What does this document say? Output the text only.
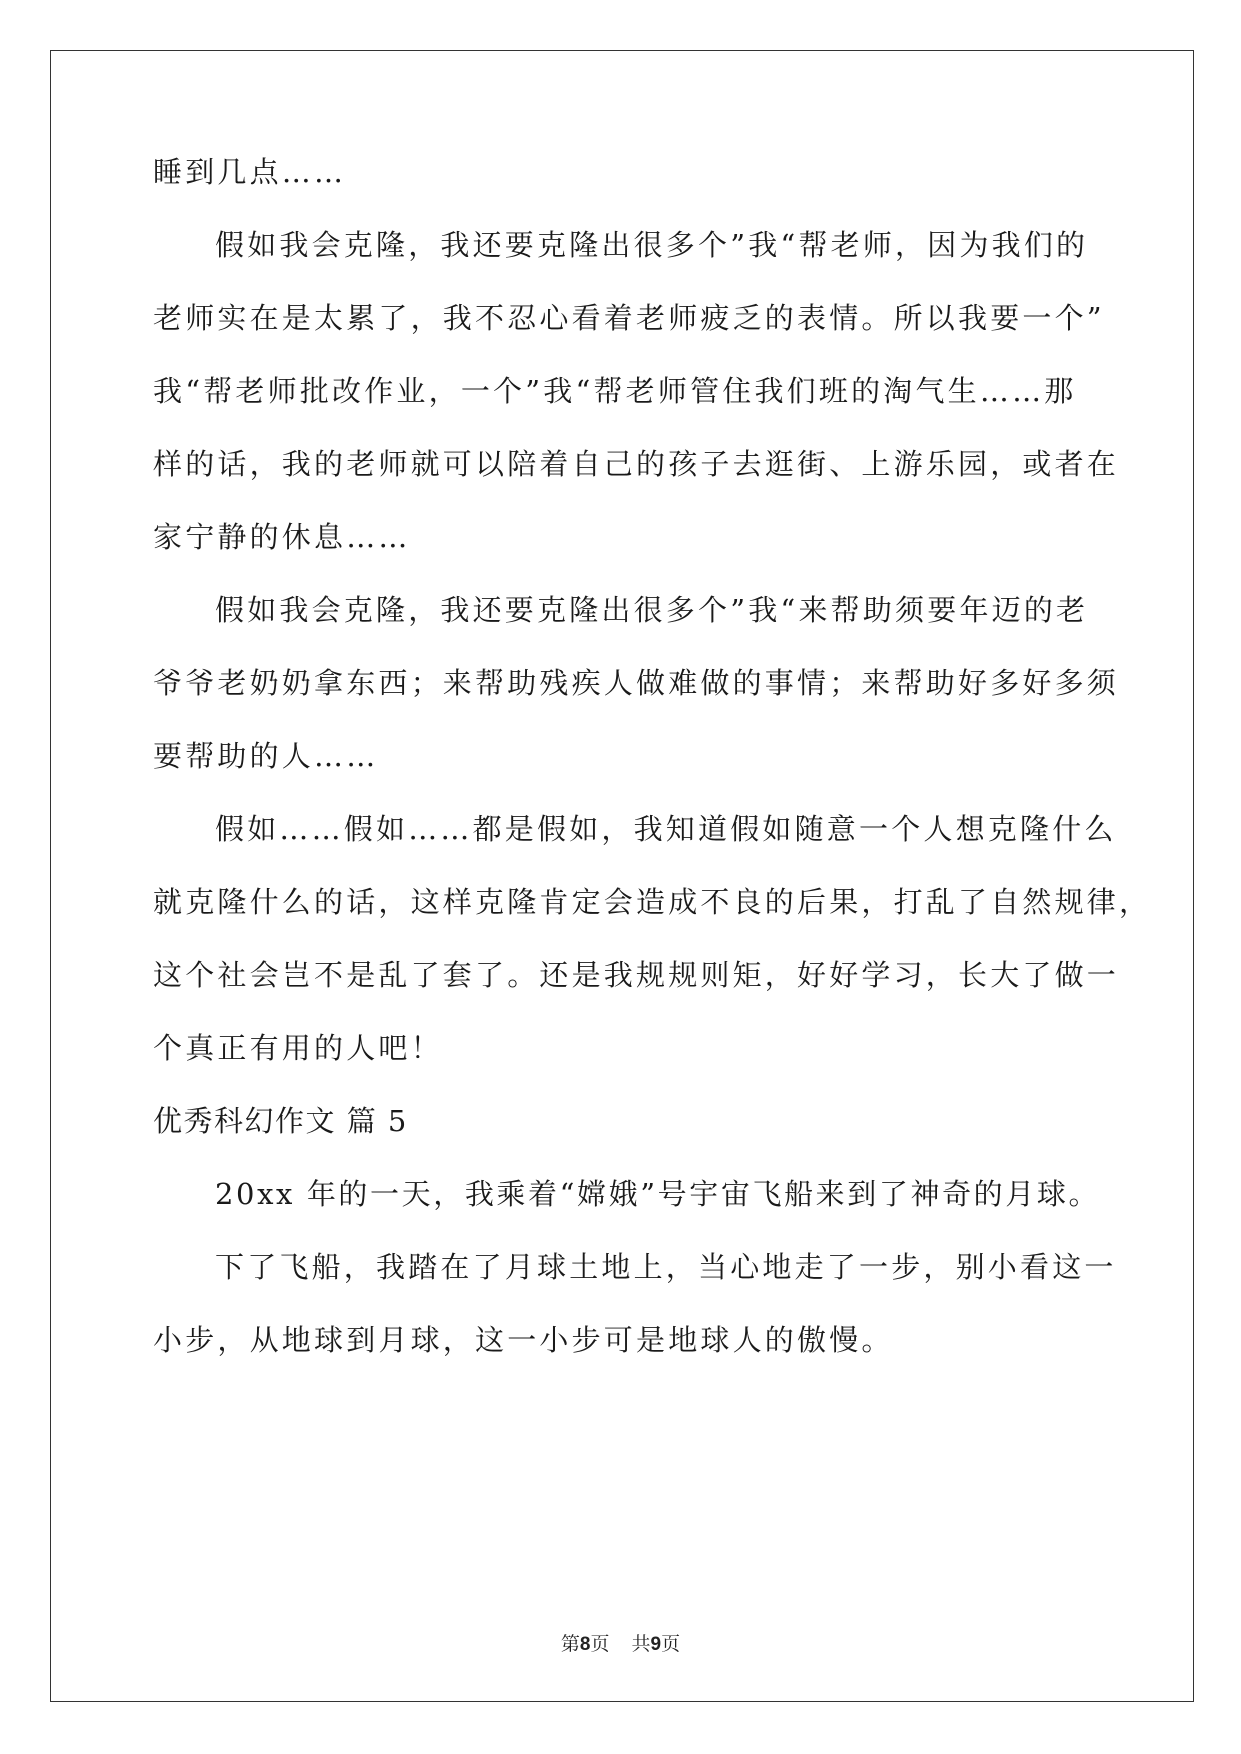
睡到几点……

假如我会克隆，我还要克隆出很多个”我“帮老师，因为我们的

老师实在是太累了，我不忍心看着老师疲乏的表情。所以我要一个”

我“帮老师批改作业，一个”我“帮老师管住我们班的淘气生……那

样的话，我的老师就可以陪着自己的孩子去逛街、上游乐园，或者在

家宁静的休息……

假如我会克隆，我还要克隆出很多个”我“来帮助须要年迈的老

爷爷老奶奶拿东西；来帮助残疾人做难做的事情；来帮助好多好多须

要帮助的人……

假如……假如……都是假如，我知道假如随意一个人想克隆什么

就克隆什么的话，这样克隆肯定会造成不良的后果，打乱了自然规律，

这个社会岂不是乱了套了。还是我规规则矩，好好学习，长大了做一

个真正有用的人吧！

优秀科幻作文 篇 5

20xx 年的一天，我乘着“嫦娥”号宇宙飞船来到了神奇的月球。

下了飞船，我踏在了月球土地上，当心地走了一步，别小看这一

小步，从地球到月球，这一小步可是地球人的傲慢。

第8页 共9页
